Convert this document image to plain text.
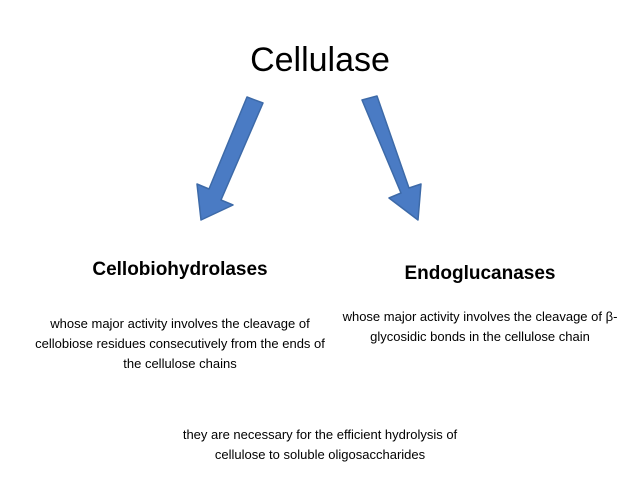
Cellulase
Cellobiohydrolases
whose major activity involves the cleavage of cellobiose residues consecutively from the ends of the cellulose chains
Endoglucanases
whose major activity involves the cleavage of β-glycosidic bonds in the cellulose chain
they are necessary for the efficient hydrolysis of cellulose to soluble oligosaccharides
